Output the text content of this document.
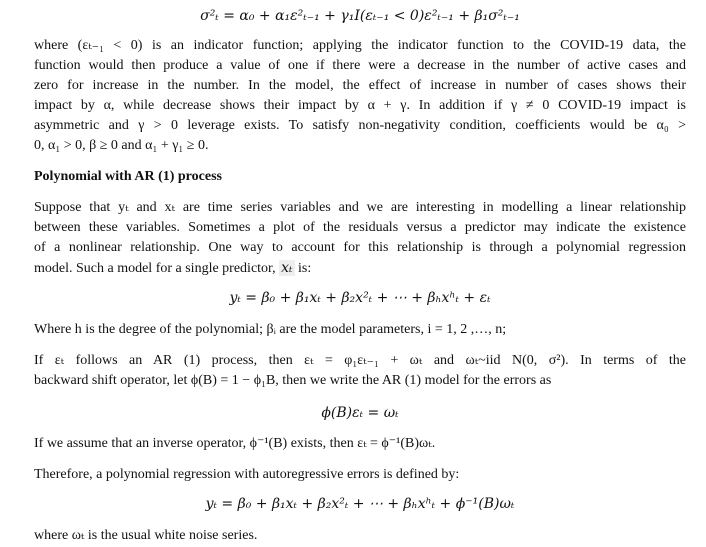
σ²ₜ = α₀ + α₁ε²ₜ₋₁ + γ₁I(εₜ₋₁ < 0)ε²ₜ₋₁ + β₁σ²ₜ₋₁
where (εₜ₋₁ < 0) is an indicator function; applying the indicator function to the COVID-19 data, the
function would then produce a value of one if there were a decrease in the number of active cases and
zero for increase in the number. In the model, the effect of increase in number of cases shows their
impact by α, while decrease shows their impact by α + γ. In addition if γ ≠ 0 COVID-19 impact is
asymmetric and γ > 0 leverage exists. To satisfy non-negativity condition, coefficients would be α₀ >
0, α₁ > 0, β ≥ 0 and α₁ + γ₁ ≥ 0.
Polynomial with AR (1) process
Suppose that yₜ and xₜ are time series variables and we are interesting in modelling a linear relationship
between these variables. Sometimes a plot of the residuals versus a predictor may indicate the existence
of a nonlinear relationship. One way to account for this relationship is through a polynomial regression
model. Such a model for a single predictor, xₜ is:
yₜ = β₀ + β₁xₜ + β₂x²ₜ + ⋯ + βₕxʰₜ + εₜ
Where h is the degree of the polynomial; βᵢ are the model parameters, i = 1, 2 ,…, n;
If εₜ follows an AR (1) process, then εₜ = φ₁εₜ₋₁ + ωₜ and ωₜ~iid N(0, σ²). In terms of the
backward shift operator, let ϕ(B) = 1 − ϕ₁B, then we write the AR (1) model for the errors as
ϕ(B)εₜ = ωₜ
If we assume that an inverse operator, ϕ⁻¹(B) exists, then εₜ = ϕ⁻¹(B)ωₜ.
Therefore, a polynomial regression with autoregressive errors is defined by:
yₜ = β₀ + β₁xₜ + β₂x²ₜ + ⋯ + βₕxʰₜ + ϕ⁻¹(B)ωₜ
where ωₜ is the usual white noise series.
